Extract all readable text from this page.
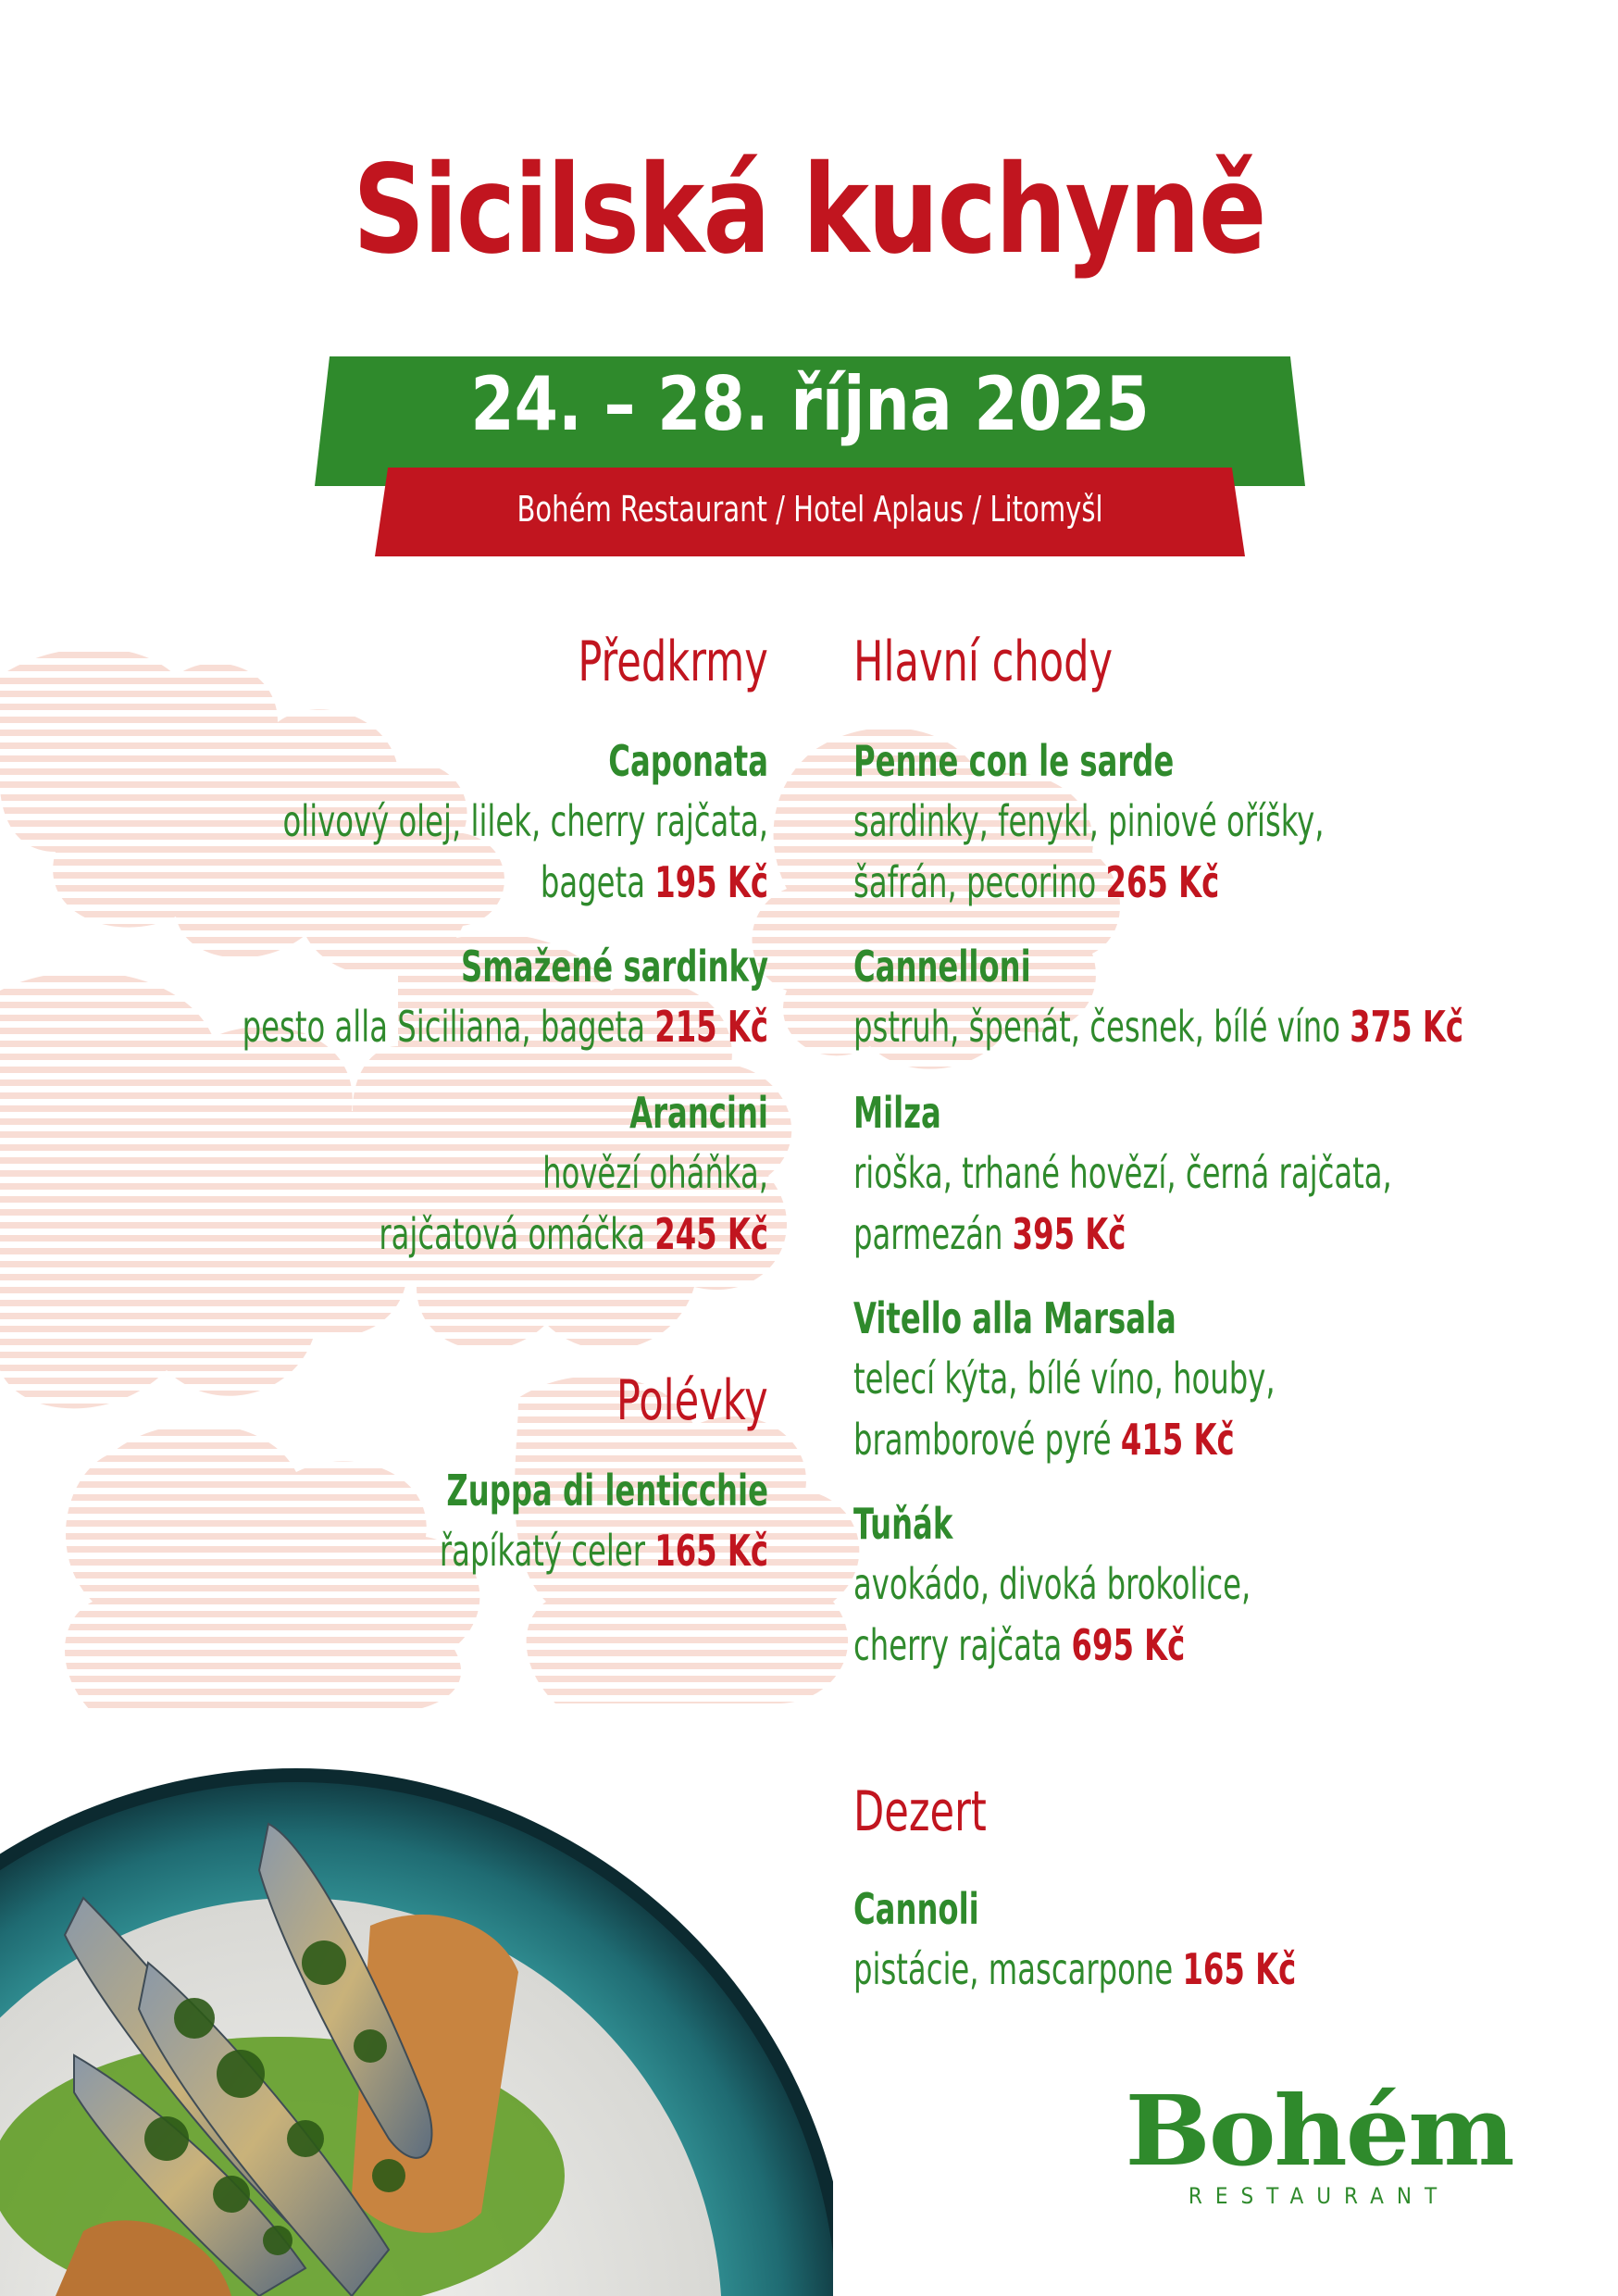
Sicilská kuchyně
24. – 28. října 2025
Bohém Restaurant / Hotel Aplaus / Litomyšl
Předkrmy
Caponata
olivový olej, lilek, cherry rajčata,
bageta 195 Kč
Smažené sardinky
pesto alla Siciliana, bageta 215 Kč
Arancini
hovězí oháňka,
rajčatová omáčka 245 Kč
Polévky
Zuppa di lenticchie
řapíkatý celer 165 Kč
Hlavní chody
Penne con le sarde
sardinky, fenykl, piniové oříšky,
šafrán, pecorino 265 Kč
Cannelloni
pstruh, špenát, česnek, bílé víno 375 Kč
Milza
rioška, trhané hovězí, černá rajčata,
parmezán 395 Kč
Vitello alla Marsala
telecí kýta, bílé víno, houby,
bramborové pyré 415 Kč
Tuňák
avokádo, divoká brokolice,
cherry rajčata 695 Kč
Dezert
Cannoli
pistácie, mascarpone 165 Kč
Bohém
RESTAURANT
